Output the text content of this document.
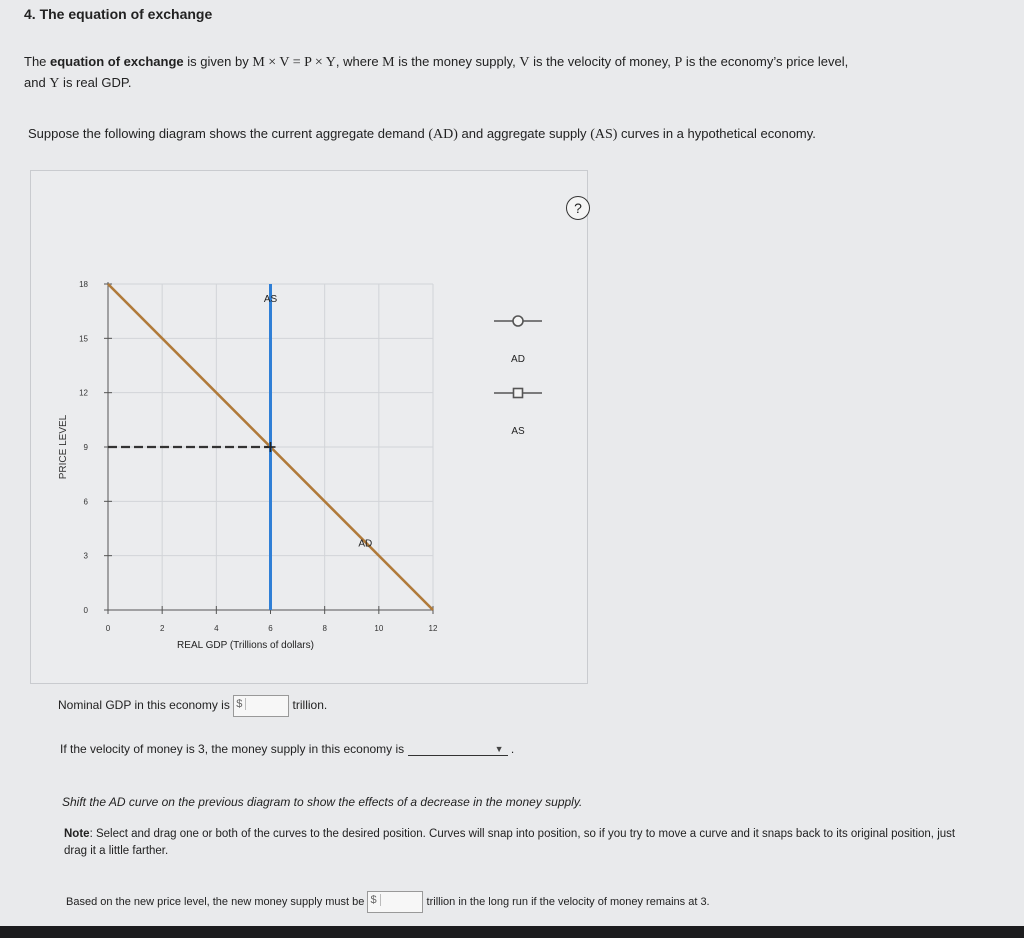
4. The equation of exchange
The equation of exchange is given by M × V = P × Y, where M is the money supply, V is the velocity of money, P is the economy’s price level,
and Y is real GDP.
Suppose the following diagram shows the current aggregate demand (AD) and aggregate supply (AS) curves in a hypothetical economy.
?
0
3
6
9
12
15
18
0	2	4	6	8	10	12
PRICE LEVEL
REAL GDP (Trillions of dollars)
AS
AD
AD
AS
Nominal GDP in this economy is $	trillion.
If the velocity of money is 3, the money supply in this economy is	▼ .
Shift the AD curve on the previous diagram to show the effects of a decrease in the money supply.
Note: Select and drag one or both of the curves to the desired position. Curves will snap into position, so if you try to move a curve and it snaps back to its original position, just drag it a little farther.
Based on the new price level, the new money supply must be $	trillion in the long run if the velocity of money remains at 3.
